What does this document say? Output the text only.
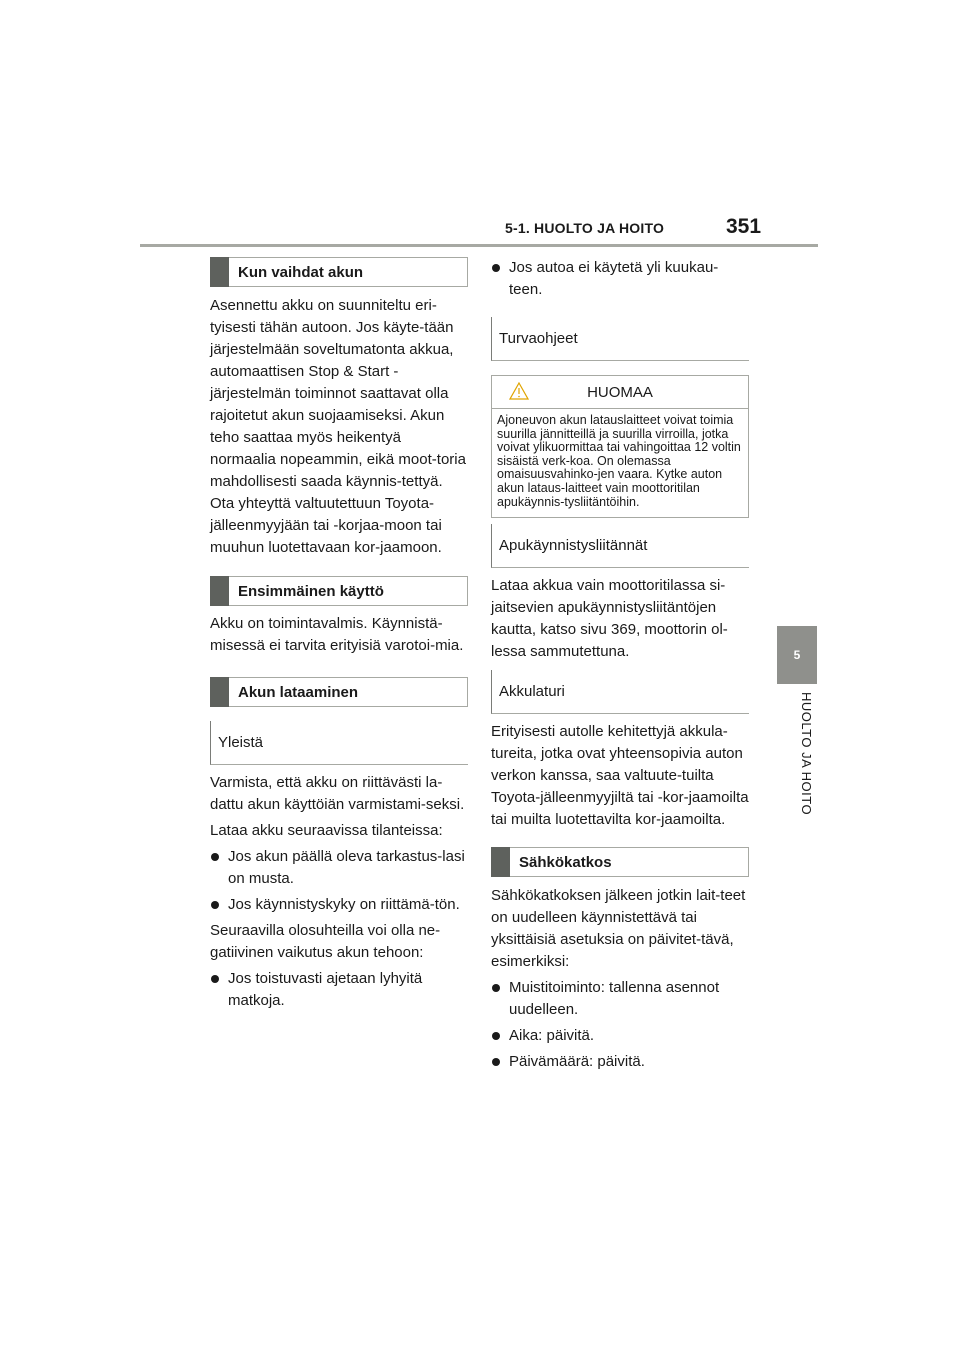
5-1. HUOLTO JA HOITO	351
5
HUOLTO JA HOITO
Kun vaihdat akun

Asennettu akku on suunniteltu eri-tyisesti tähän autoon. Jos käyte-tään järjestelmään soveltumatonta akkua, automaattisen Stop & Start -järjestelmän toiminnot saattavat olla rajoitetut akun suojaamiseksi. Akun teho saattaa myös heikentyä normaalia nopeammin, eikä moot-toria mahdollisesti saada käynnis-tettyä. Ota yhteyttä valtuutettuun Toyota-jälleenmyyjään tai -korjaa-moon tai muuhun luotettavaan kor-jaamoon.

Ensimmäinen käyttö

Akku on toimintavalmis. Käynnistä-misessä ei tarvita erityisiä varotoi-mia.

Akun lataaminen
Yleistä

Varmista, että akku on riittävästi la-dattu akun käyttöiän varmistami-seksi.

Lataa akku seuraavissa tilanteissa:

Jos akun päällä oleva tarkastus-lasi on musta.
Jos käynnistyskyky on riittämä-tön.

Seuraavilla olosuhteilla voi olla ne-gatiivinen vaikutus akun tehoon:

Jos toistuvasti ajetaan lyhyitä matkoja.
Jos autoa ei käytetä yli kuukau-teen.
Turvaohjeet
HUOMAA
Ajoneuvon akun latauslaitteet voivat toimia suurilla jännitteillä ja suurilla virroilla, jotka voivat ylikuormittaa tai vahingoittaa 12 voltin sisäistä verk-koa. On olemassa omaisuusvahinko-jen vaara. Kytke auton akun lataus-laitteet vain moottoritilan apukäynnis-tysliitäntöihin.
Apukäynnistysliitännät

Lataa akkua vain moottoritilassa si-jaitsevien apukäynnistysliitäntöjen kautta, katso sivu 369, moottorin ol-lessa sammutettuna.

Akkulaturi

Erityisesti autolle kehitettyjä akkula-tureita, jotka ovat yhteensopivia auton verkon kanssa, saa valtuute-tuilta Toyota-jälleenmyyjiltä tai -kor-jaamoilta tai muilta luotettavilta kor-jaamoilta.

Sähkökatkos

Sähkökatkoksen jälkeen jotkin lait-teet on uudelleen käynnistettävä tai yksittäisiä asetuksia on päivitet-tävä, esimerkiksi:

Muistitoiminto: tallenna asennot uudelleen.
Aika: päivitä.
Päivämäärä: päivitä.
